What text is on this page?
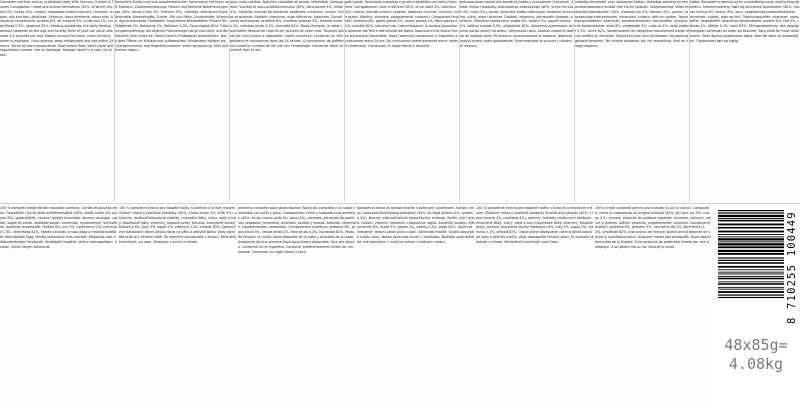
Complete nutrition and an irresistible taste With Sensory Chicken & Turkey Composition: meat and animal derivatives (40%, of which chicken 4%, turkey 4%), cereals, vegetable protein extracts, minerals, sugars, oils and fats. Additives: Vitamins, trace elements, colourants. Analytical constituents: protein 8%, fat content 5%, crude ash 2%, crude fibres 0.3%, moisture 82%. Feeding guidelines: the daily feeding amount depends on the age and activity level of your cat; adult cats need 3-4 pouches per day. Always ensure that fresh, clean drinking water is available. Once opened, keep refrigerated and use within 24 hours. Serve at room temperature. Best before date, batch code and registration number: see on package. Storage: store in a cool, dry place.

Komplette Ernährung und unwiderstehlicher Geschmack mit Huhn und Truthahn. Zusammensetzung: Fleisch und tierische Nebenerzeugnisse (40%, davon Huhn 4%, Truthahn 4%), Getreide, pflanzliche Eiweißextrakte, Mineralstoffe, Zucker, Öle und Fette. Zusatzstoffe: Vitamine, Spurenelemente, Farbstoffe. Analytische Bestandteile: Protein 8%, Fettgehalt 5%, Rohasche 2%, Rohfaser 0,3%, Feuchtigkeit 82%. Fütterungsempfehlung: die tägliche Futtermenge hängt vom Alter und der Aktivität Ihrer Katze ab. Stets frisches Trinkwasser bereitstellen. Nach dem Öffnen im Kühlschrank aufbewahren. Mindestens haltbar bis, Chargennummer und Registriernummer: siehe Verpackung. Kühl und trocken lagern.

pour chats adultes. Nutrition complète et saveur irrésistible. Composition: viandes et sous-produits animaux (40%, dont poulet 4%, dinde 4%), céréales, extraits de protéines végétales, minéraux, sucres, huiles et graisses. Additifs: vitamines, oligo-éléments, colorants. Constituants analytiques: protéine 8%, matières grasses 5%, cendres brutes 2%, cellulose brute 0,3%, humidité 82%. Mode d'emploi: la ration journalière dépend de l'âge et de l'activité de votre chat. Toujours laisser de l'eau fraîche à disposition. Après ouverture, conserver au réfrigérateur et consommer dans les 24 heures. A consommer de préférence avant le, numéro de lot: voir sur l'emballage. Conserver dans un endroit frais et sec.

gatti adulti. Nutrizione completa e gusto irresistibile con pollo e tacchino. Composizione: carni e derivati (40%, di cui pollo 4%, tacchino 4%), cereali, estratti proteici vegetali, sostanze minerali, zuccheri, oli e grassi. Additivi: vitamine, oligoelementi, coloranti. Componenti analitici: proteina 8%, grassi grezzi 5%, ceneri grezze 2%, fibra grezza 0,3%, umidità 82%. Istruzioni per l'alimentazione: la razione giornaliera dipende dall'età e dall'attività del gatto. Assicurarsi che acqua fresca sia sempre disponibile. Dopo l'apertura conservare in frigorifero e consumare entro 24 ore. Da consumarsi preferibilmente entro: vedere confezione. Conservare in luogo fresco e asciutto.

pełnoporcjowa karma dla dorosłych kotów z kurczakiem i indykiem. Skład: mięso i produkty pochodzenia zwierzęcego (40%, w tym kurczak 4%, indyk 4%), zboża, ekstrakty białka roślinnego, składniki mineralne, cukry, oleje i tłuszcze. Dodatki: witaminy, pierwiastki śladowe, barwniki. Składniki analityczne: białko 8%, tłuszcz 5%, popiół surowy 2%, włókno surowe 0,3%, wilgotność 82%. Zalecenia żywieniowe: dzienna porcja zależy od wieku i aktywności kota. Zawsze zapewnij dostęp do świeżej wody. Po otwarciu przechowywać w lodówce. Najlepiej spożyć przed: patrz opakowanie. Przechowywać w suchym i chłodnym miejscu.

volledig diervoeder voor volwassen katten. Volledige voeding en een onweerstaanbare smaak met kip en kalkoen. Samenstelling: vlees en dierlijke bijproducten (40%, waarvan kip 4%, kalkoen 4%), granen, plantaardige eiwitextracten, mineralen, suikers, oliën en vetten. Toevoegingsmiddelen: vitaminen, sporenelementen, kleurstoffen. Analytische bestanddelen: eiwit 8%, vetgehalte 5%, ruwe as 2%, ruwe celstof 0,3%, vocht 82%. Voederadvies: de dagelijkse hoeveelheid hangt af van leeftijd en activiteit. Zorg altijd voor vers drinkwater. Na opening gekoeld bewaren. Ten minste houdbaar tot: zie verpakking. Koel en droog bewaren.

katter. Komplett ernæring og en uimotståelig smak med kylling og kalkun. Sammensetning: kjøtt og animalske biprodukter (40%, hvorav kylling 4%, kalkun 4%), korn, vegetabilske proteinekstrakter, mineraler, sukker, oljer og fett. Tilsetningsstoffer: vitaminer, sporstoffer, fargestoffer. Analytiske bestanddeler: protein 8%, fett 5%, råaske 2%, råfiber 0,3%, vann 82%. Fôringsveiledning: den daglige mengden avhenger av alder og aktivitet. Sørg alltid for friskt drikkevann. Etter åpning oppbevares kjølig. Best før dato, se emballasjen. Oppbevares tørt og kjølig.

100 % komplett eledel felnőtt macskák számára. Csirkés és pulykás ízben. Összetétel: hús és állati melléktermékek (40%, ebből csirke 4%, pulyka 4%), gabonafélék, növényi fehérje kivonatok, ásványi anyagok, cukrok, olajok és zsírok. Adalékanyagok: vitaminok, nyomelemek, színezékek. Analitikai összetevők: fehérje 8%, zsír 5%, nyershamu 2%, nyersrost 0,3%, nedvesség 82%. Etetési javaslat: a napi adag a macska korától és aktivitásától függ. Mindig biztosítson friss ivóvizet. Felbontás után hűtőszekrényben tárolandó. Minőségét megőrzi: lásd a csomagoláson. Száraz, hűvös helyen tárolandó.

100 % kompletní krmivo pro dospělé kočky. S kuřecím a krůtím masem. Složení: maso a živočišné produkty (40%, z toho kuřecí 4%, krůtí 4%), obiloviny, rostlinné bílkovinné výtažky, minerální látky, cukry, oleje a tuky. Doplňkové látky: vitamíny, stopové prvky, barviva. Analytické složky: bílkoviny 8%, tuky 5%, popel 2%, vláknina 0,3%, vlhkost 82%. Doporučené dávkování: denní dávka závisí na věku a aktivitě kočky. Vždy zajistěte přístup k čerstvé vodě. Po otevření uchovávejte v chladu. Minimální trvanlivost: viz obal. Skladujte v suchu a chladu.

Alimento completo para gatos adultos. Nutrición completa y un sabor irresistible con pollo y pavo. Composición: carne y subproductos animales (40%, de los cuales pollo 4%, pavo 4%), cereales, extractos de proteínas vegetales, minerales, azúcares, aceites y grasas. Aditivos: vitaminas, oligoelementos, colorantes. Componentes analíticos: proteína 8%, grasa bruta 5%, ceniza bruta 2%, fibra bruta 0,3%, humedad 82%. Modo de empleo: la ración diaria depende de la edad y actividad de su gato. Asegúrese de que siempre haya agua fresca disponible. Una vez abierto, conservar en el frigorífico. Consumir preferentemente antes de: ver envase. Conservar en lugar fresco y seco.

Kompletna hrana za odrasle mačke s piletinom i puretinom. Sastav: meso i proizvodi životinjskog podrijetla (40%, od čega piletina 4%, puretina 4%), žitarice, ekstrakti biljnih bjelančevina, minerali, šećeri, ulja i masti. Dodaci: vitamini, elementi u tragovima, bojila. Analitički sastojci: bjelančevine 8%, masti 5%, pepeo 2%, vlakna 0,3%, vlaga 82%. Upute za hranjenje: dnevni obrok ovisi o dobi i aktivnosti mačke. Uvijek osigurajte svježu vodu. Nakon otvaranja čuvati u hladnjaku. Najbolje upotrijebiti do: vidi pakiranje. Čuvati na suhom i hladnom mjestu.

100 % kompletné krmivo pre dospelé mačky s kuracím a morčacím mäsom. Zloženie: mäso a vedľajšie produkty živočíšneho pôvodu (40%, z toho kuracie 4%, morčacie 4%), obilniny, extrakty rastlinných bielkovín, minerálne látky, cukry, oleje a tuky. Doplnkové látky: vitamíny, stopové prvky, farbivá. Analytické zložky: bielkoviny 8%, tuky 5%, popol 2%, vláknina 0,3%, vlhkosť 82%. Odporúčané dávkovanie: denná dávka závisí od veku a aktivity mačky. Vždy zabezpečte čerstvú vodu. Po otvorení skladujte v chlade. Minimálna trvanlivosť: pozri obal.

100% hrană completă pentru pisici adulte cu pui și curcan. Compoziție: carne și subproduse de origine animală (40%, din care pui 4%, curcan 4%), cereale, extracte de proteine vegetale, minerale, zaharuri, uleiuri și grăsimi. Aditivi: vitamine, oligoelemente, coloranți. Constituenți analitici: proteină 8%, grăsime 5%, cenușă brută 2%, fibră brută 0,3%, umiditate 82%. Instrucțiuni de hrănire: porția zilnică depinde de vârsta și activitatea pisicii. Asigurați mereu apă proaspătă. După deschidere păstrați la frigider. A se consuma de preferință înainte de: vezi ambalajul. A se păstra într-un loc răcoros și uscat.	8 710255 100449
48x85g=
4.08kg
